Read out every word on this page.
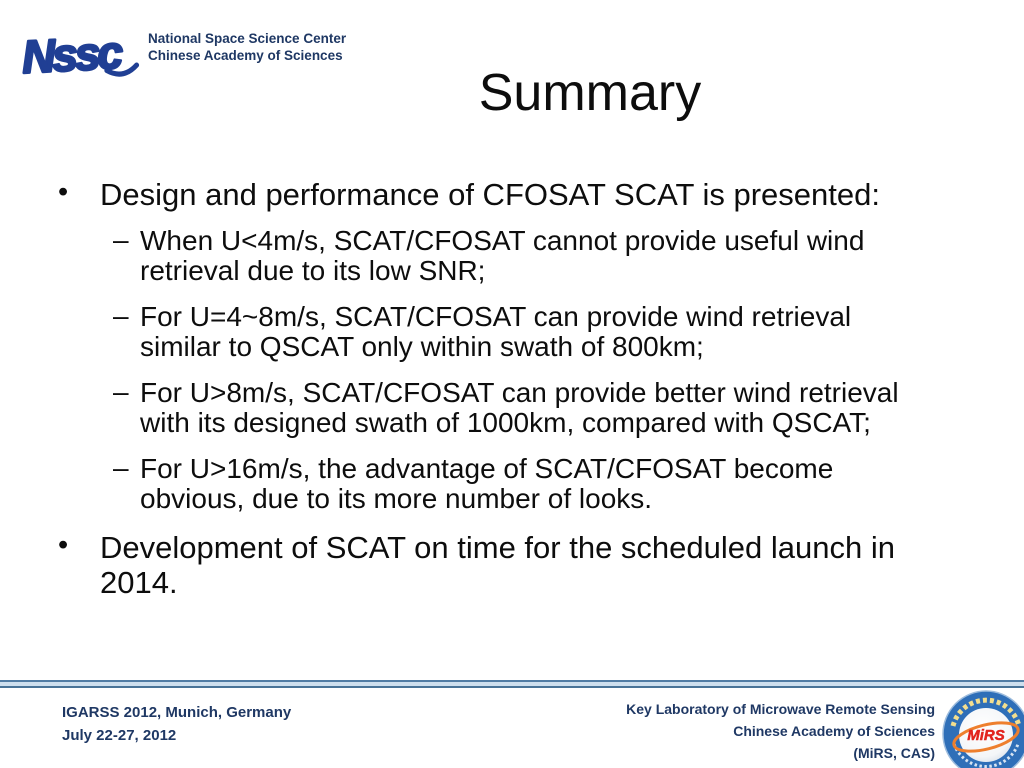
Nssc National Space Science Center
Chinese Academy of Sciences
Summary
• Design and performance of CFOSAT SCAT is presented:
– When U<4m/s, SCAT/CFOSAT cannot provide useful wind retrieval due to its low SNR;
– For U=4~8m/s, SCAT/CFOSAT can provide wind retrieval similar to QSCAT only within swath of 800km;
– For U>8m/s, SCAT/CFOSAT can provide better wind retrieval with its designed swath of 1000km, compared with QSCAT;
– For U>16m/s, the advantage of SCAT/CFOSAT become obvious, due to its more number of looks.
• Development of SCAT on time for the scheduled launch in 2014.
IGARSS 2012, Munich, Germany
July 22-27, 2012
Key Laboratory of Microwave Remote Sensing
Chinese Academy of Sciences
(MiRS, CAS)
MiRS
